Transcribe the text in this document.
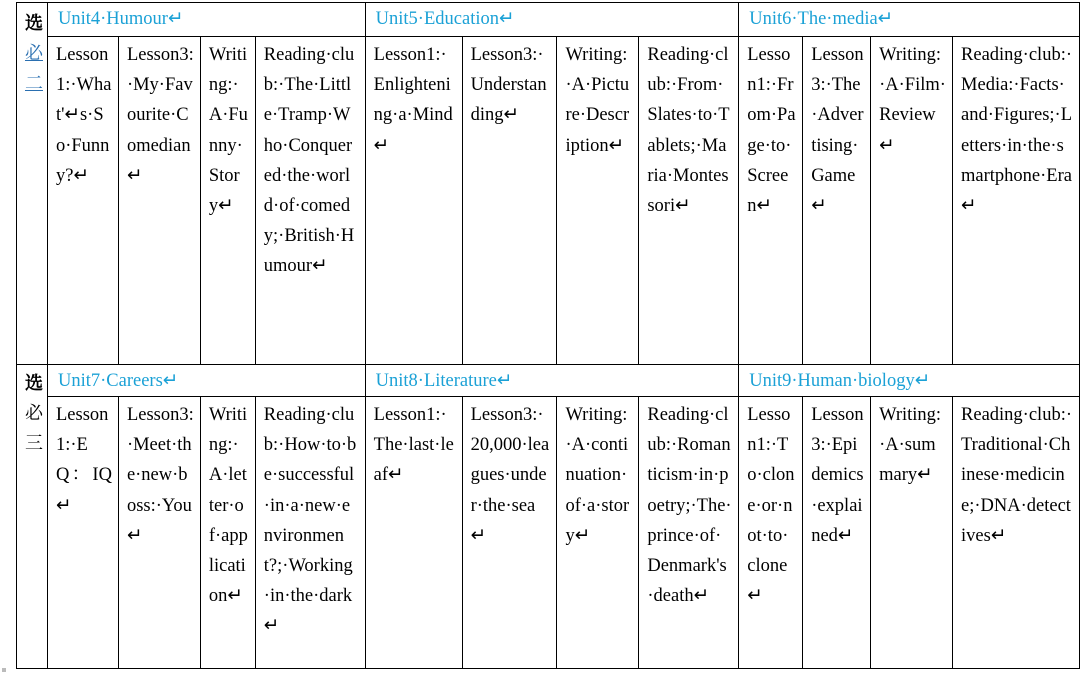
选
必
二	Unit4·Humour↵				Unit5·Education↵				Unit6·The·media↵			
	Lesson1:·What'↵s·So·Funny?↵	Lesson3:·My·Favourite·Comedian↵	Writing:·A·Funny·Story↵	Reading·club:·The·Little·Tramp·Who·Conquered·the·world·of·comedy;·British·Humour↵	Lesson1:·Enlightening·a·Mind↵	Lesson3:·Understanding↵	Writing:·A·Picture·Description↵	Reading·club:·From·Slates·to·Tablets;·Maria·Montessori↵	Lesson1:·From·Page·to·Screen↵	Lesson3:·The·Advertising·Game↵	Writing:·A·Film·Review↵	Reading·club:·Media:·Facts·and·Figures;·Letters·in·the·smartphone·Era↵

选
必
三	Unit7·Careers↵				Unit8·Literature↵				Unit9·Human·biology↵			
	Lesson1:·EQ：IQ↵	Lesson3:·Meet·the·new·boss:·You↵	Writing:·A·letter·of·application↵	Reading·club:·How·to·be·successful·in·a·new·environment?;·Working·in·the·dark↵	Lesson1:·The·last·leaf↵	Lesson3:·20,000·leagues·under·the·sea↵	Writing:·A·continuation·of·a·story↵	Reading·club:·Romanticism·in·poetry;·The·prince·of·Denmark's·death↵	Lesson1:·To·clone·or·not·to·clone↵	Lesson3:·Epidemics·explained↵	Writing:·A·summary↵	Reading·club:·Traditional·Chinese·medicine;·DNA·detectives↵
